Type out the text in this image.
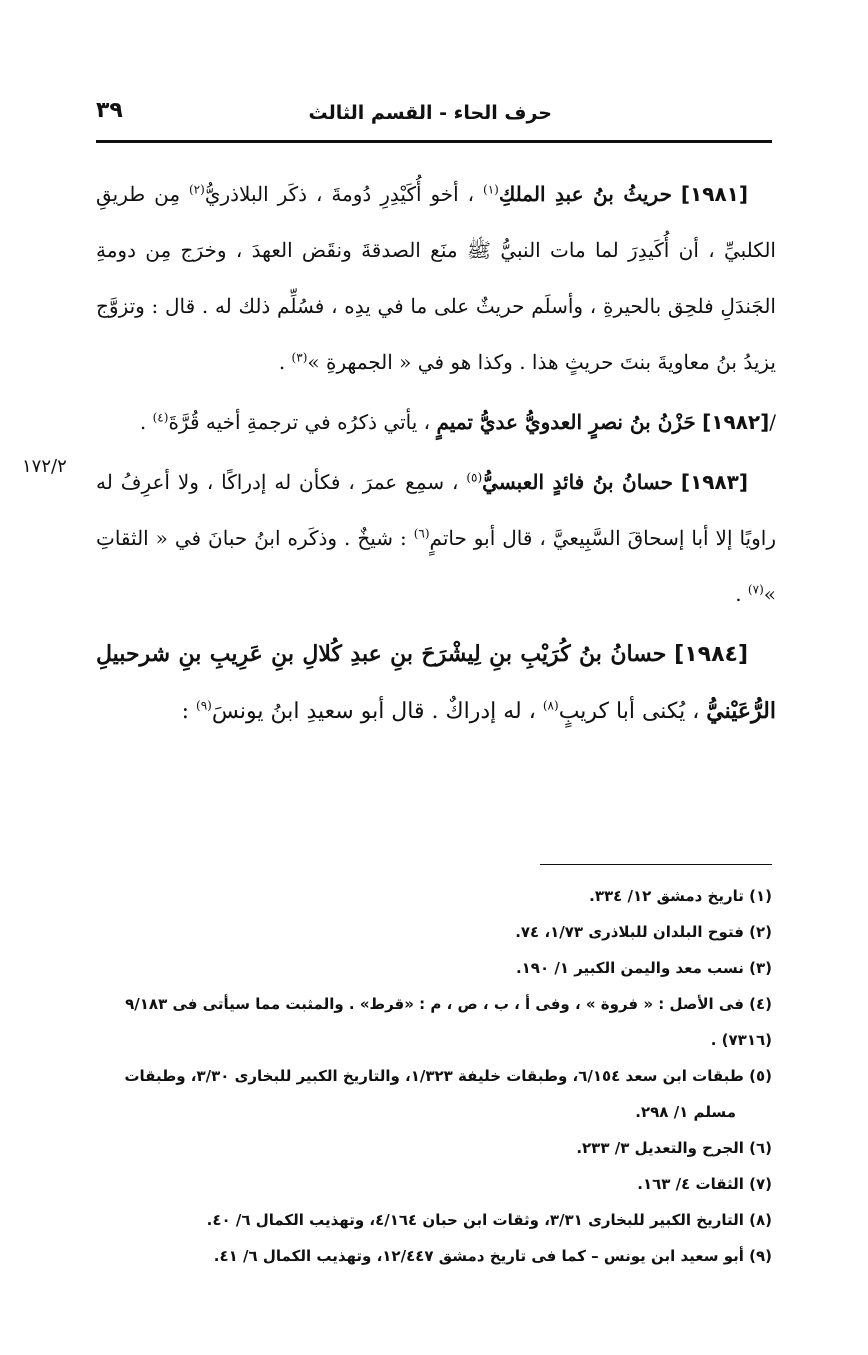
حرف الحاء - القسم الثالث
٣٩
١٧٢/٢

[١٩٨١] حريثُ بنُ عبدِ الملكِ$^{(١)}$ ، أخو أُكَيْدِرِ دُومةَ ، ذكَر البلاذريُّ$^{(٢)}$ مِن طريقِ الكلبيِّ ، أن أُكَيدِرَ لما مات النبيُّ ﷺ منَع الصدقةَ ونقَض العهدَ ، وخرَج مِن دومةِ الجَندَلِ فلحِق بالحيرةِ ، وأسلَم حريثٌ على ما في يدِه ، فسُلِّم ذلك له . قال : وتزوَّج يزيدُ بنُ معاويةَ بنتَ حريثٍ هذا . وكذا هو في « الجمهرةِ »$^{(٣)}$ .

/[١٩٨٢] حَزْنُ بنُ نصرٍ العدويُّ عديُّ تميمٍ ، يأتي ذكرُه في ترجمةِ أخيه قُرَّةَ$^{(٤)}$ .

[١٩٨٣] حسانُ بنُ فائدٍ العبسيُّ$^{(٥)}$ ، سمِع عمرَ ، فكأن له إدراكًا ، ولا أعرِفُ له راويًا إلا أبا إسحاقَ السَّبِيعيَّ ، قال أبو حاتمٍ$^{(٦)}$ : شيخٌ . وذكَره ابنُ حبانَ في « الثقاتِ »$^{(٧)}$ .

[١٩٨٤] حسانُ بنُ كُرَيْبِ بنِ لِيشْرَحَ بنِ عبدِ كُلالِ بنِ عَرِيبِ بنِ شرحبيلِ الرُّعَيْنيُّ ، يُكنى أبا كريبٍ$^{(٨)}$ ، له إدراكٌ . قال أبو سعيدِ ابنُ يونسَ$^{(٩)}$ :

(١) تاريخ دمشق ١٢/ ٣٣٤.

(٢) فتوح البلدان للبلاذرى ١/٧٣، ٧٤.

(٣) نسب معد واليمن الكبير ١/ ١٩٠.

(٤) فى الأصل : « فروة » ، وفى أ ، ب ، ص ، م : «قرط» . والمثبت مما سيأتى فى ٩/١٨٣ (٧٣١٦) .

(٥) طبقات ابن سعد ٦/١٥٤، وطبقات خليفة ١/٣٢٣، والتاريخ الكبير للبخارى ٣/٣٠، وطبقات

مسلم ١/ ٢٩٨.

(٦) الجرح والتعديل ٣/ ٢٣٣.

(٧) الثقات ٤/ ١٦٣.

(٨) التاريخ الكبير للبخارى ٣/٣١، وثقات ابن حبان ٤/١٦٤، وتهذيب الكمال ٦/ ٤٠.

(٩) أبو سعيد ابن يونس – كما فى تاريخ دمشق ١٢/٤٤٧، وتهذيب الكمال ٦/ ٤١.
